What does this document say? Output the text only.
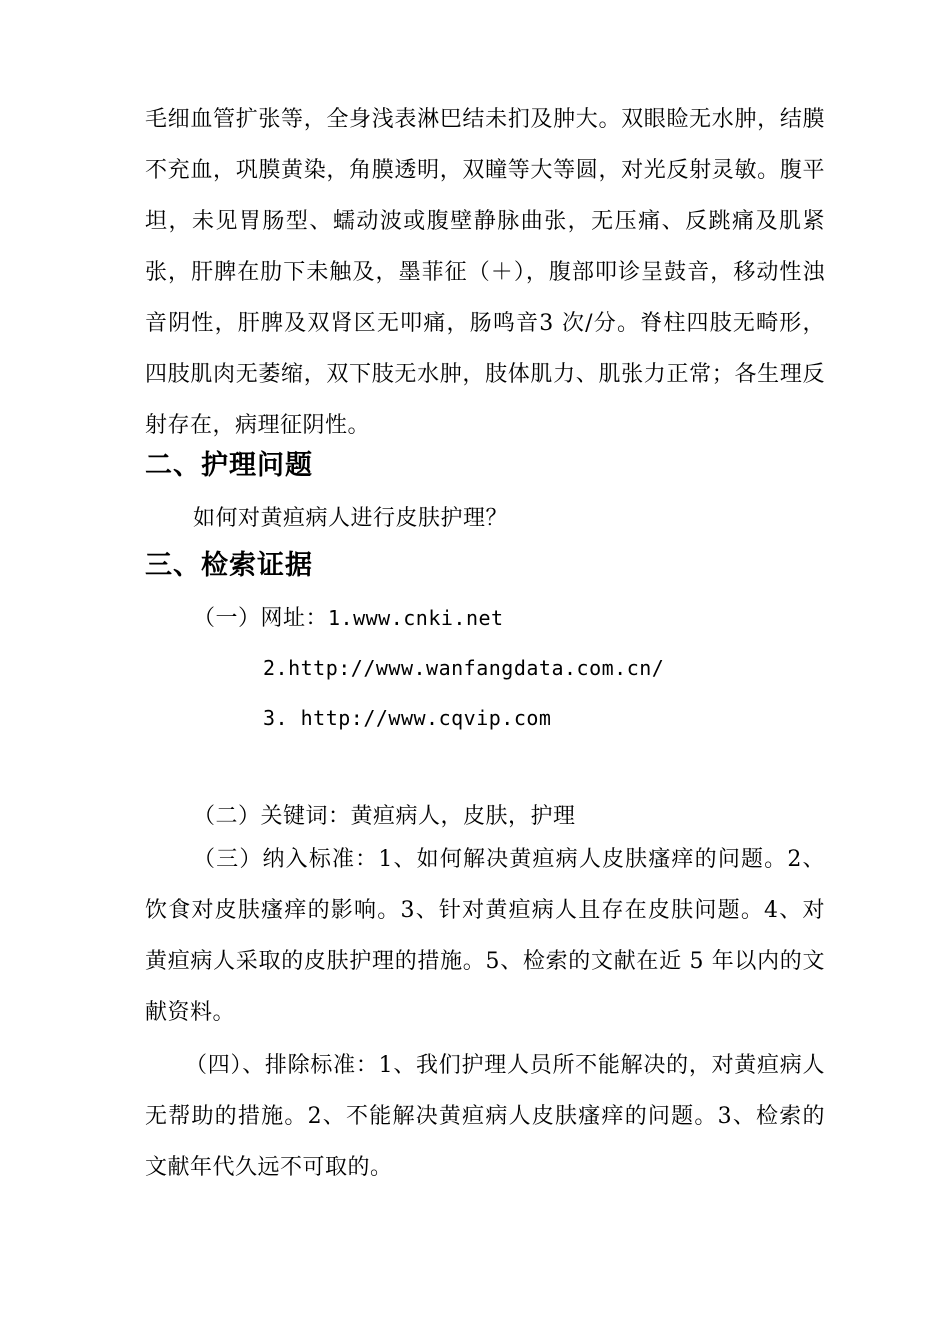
毛细血管扩张等，全身浅表淋巴结未扪及肿大。双眼睑无水肿，结膜不充血，巩膜黄染，角膜透明，双瞳等大等圆，对光反射灵敏。腹平坦，未见胃肠型、蠕动波或腹壁静脉曲张，无压痛、反跳痛及肌紧张，肝脾在肋下未触及，墨菲征（＋），腹部叩诊呈鼓音，移动性浊音阴性，肝脾及双肾区无叩痛，肠鸣音3 次/分。脊柱四肢无畸形，四肢肌肉无萎缩，双下肢无水肿，肢体肌力、肌张力正常；各生理反射存在，病理征阴性。

二、护理问题

如何对黄疸病人进行皮肤护理？

三、检索证据

（一）网址：1.www.cnki.net

2.http://www.wanfangdata.com.cn/

3. http://www.cqvip.com

（二）关键词：黄疸病人，皮肤，护理

（三）纳入标准：1、如何解决黄疸病人皮肤瘙痒的问题。2、饮食对皮肤瘙痒的影响。3、针对黄疸病人且存在皮肤问题。4、对黄疸病人采取的皮肤护理的措施。5、检索的文献在近 5 年以内的文献资料。

（四）、排除标准：1、我们护理人员所不能解决的，对黄疸病人无帮助的措施。2、不能解决黄疸病人皮肤瘙痒的问题。3、检索的文献年代久远不可取的。
